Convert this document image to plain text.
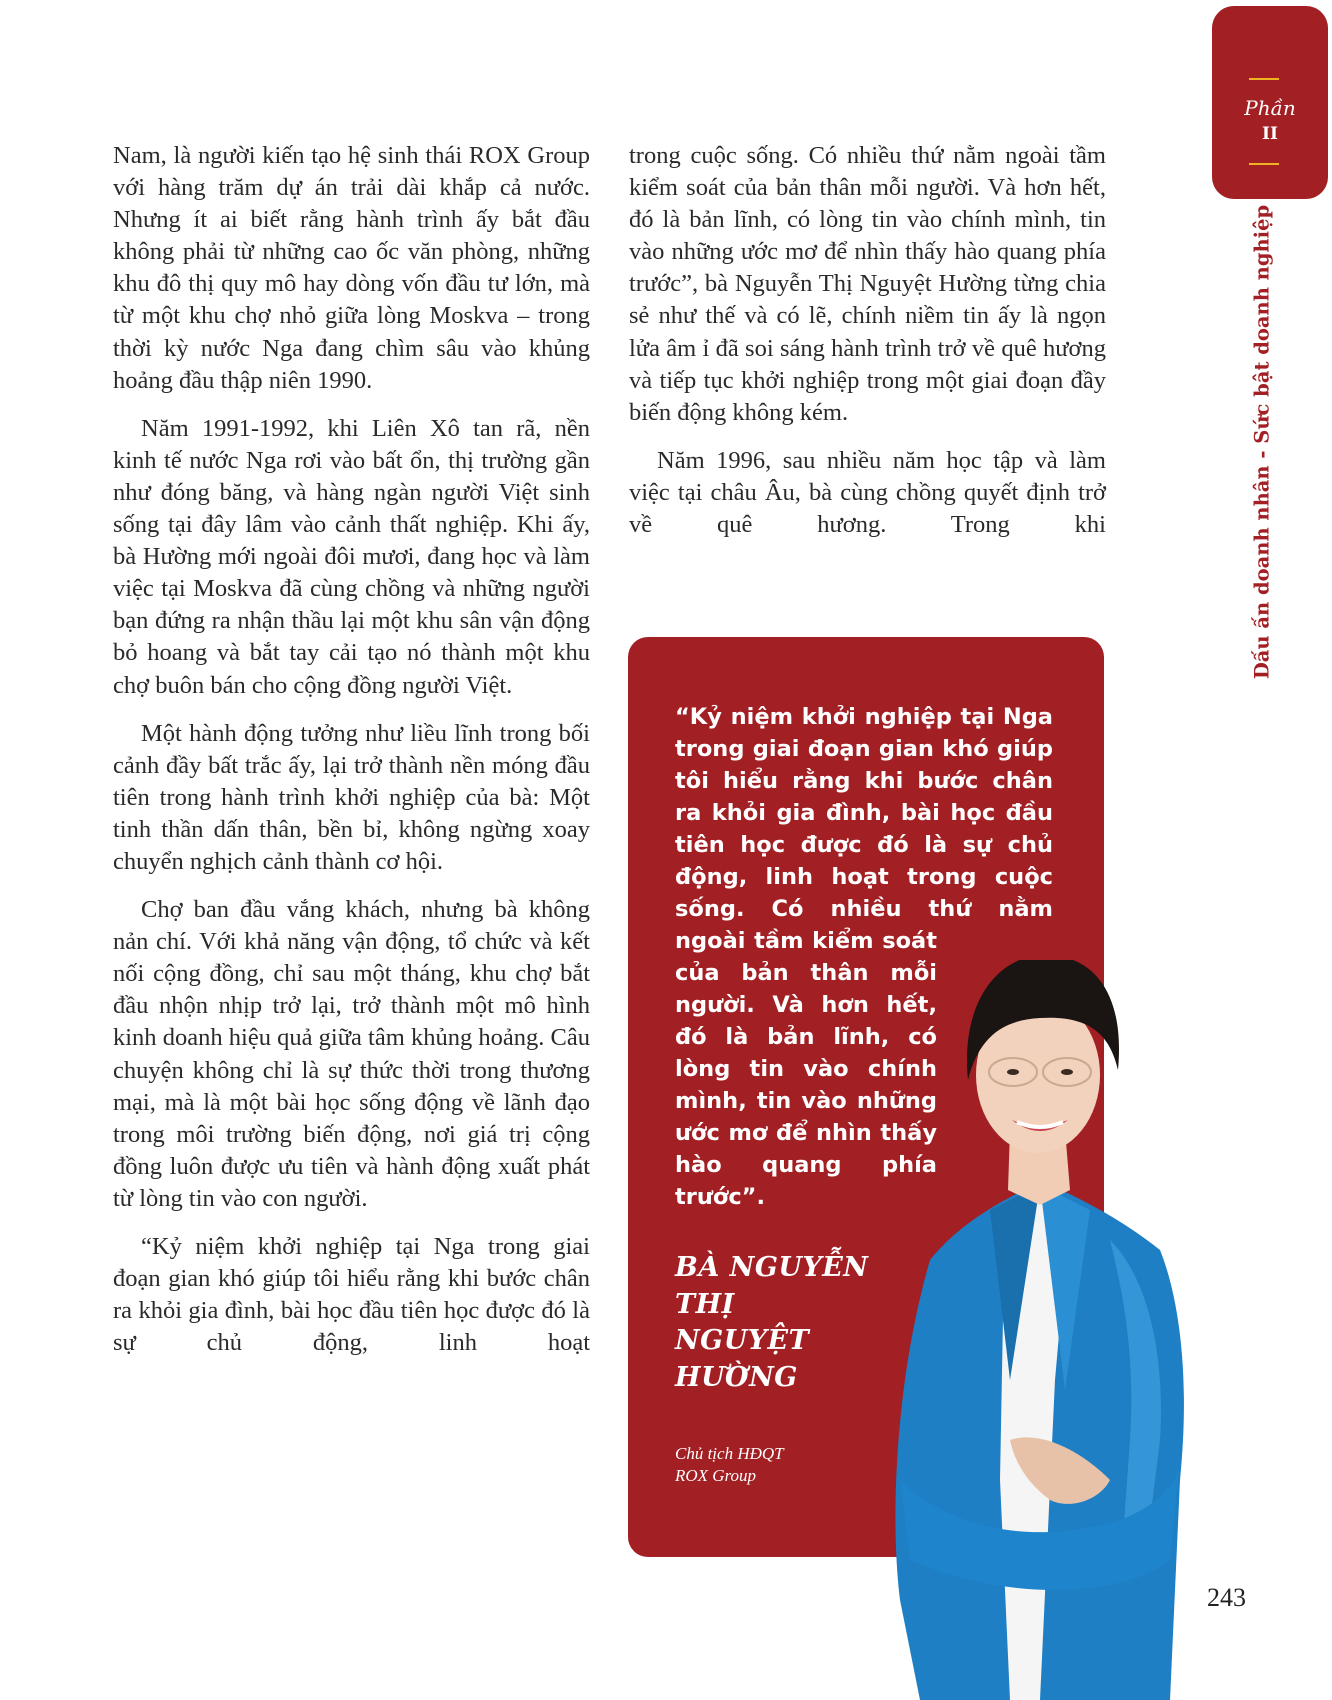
Nam, là người kiến tạo hệ sinh thái ROX Group với hàng trăm dự án trải dài khắp cả nước. Nhưng ít ai biết rằng hành trình ấy bắt đầu không phải từ những cao ốc văn phòng, những khu đô thị quy mô hay dòng vốn đầu tư lớn, mà từ một khu chợ nhỏ giữa lòng Moskva – trong thời kỳ nước Nga đang chìm sâu vào khủng hoảng đầu thập niên 1990.

Năm 1991-1992, khi Liên Xô tan rã, nền kinh tế nước Nga rơi vào bất ổn, thị trường gần như đóng băng, và hàng ngàn người Việt sinh sống tại đây lâm vào cảnh thất nghiệp. Khi ấy, bà Hường mới ngoài đôi mươi, đang học và làm việc tại Moskva đã cùng chồng và những người bạn đứng ra nhận thầu lại một khu sân vận động bỏ hoang và bắt tay cải tạo nó thành một khu chợ buôn bán cho cộng đồng người Việt.

Một hành động tưởng như liều lĩnh trong bối cảnh đầy bất trắc ấy, lại trở thành nền móng đầu tiên trong hành trình khởi nghiệp của bà: Một tinh thần dấn thân, bền bỉ, không ngừng xoay chuyển nghịch cảnh thành cơ hội.

Chợ ban đầu vắng khách, nhưng bà không nản chí. Với khả năng vận động, tổ chức và kết nối cộng đồng, chỉ sau một tháng, khu chợ bắt đầu nhộn nhịp trở lại, trở thành một mô hình kinh doanh hiệu quả giữa tâm khủng hoảng. Câu chuyện không chỉ là sự thức thời trong thương mại, mà là một bài học sống động về lãnh đạo trong môi trường biến động, nơi giá trị cộng đồng luôn được ưu tiên và hành động xuất phát từ lòng tin vào con người.

“Kỷ niệm khởi nghiệp tại Nga trong giai đoạn gian khó giúp tôi hiểu rằng khi bước chân ra khỏi gia đình, bài học đầu tiên học được đó là sự chủ động, linh hoạt

trong cuộc sống. Có nhiều thứ nằm ngoài tầm kiểm soát của bản thân mỗi người. Và hơn hết, đó là bản lĩnh, có lòng tin vào chính mình, tin vào những ước mơ để nhìn thấy hào quang phía trước”, bà Nguyễn Thị Nguyệt Hường từng chia sẻ như thế và có lẽ, chính niềm tin ấy là ngọn lửa âm ỉ đã soi sáng hành trình trở về quê hương và tiếp tục khởi nghiệp trong một giai đoạn đầy biến động không kém.

Năm 1996, sau nhiều năm học tập và làm việc tại châu Âu, bà cùng chồng quyết định trở về quê hương. Trong khi

“Kỷ niệm khởi nghiệp tại Nga trong giai đoạn gian khó giúp tôi hiểu rằng khi bước chân ra khỏi gia đình, bài học đầu tiên học được đó là sự chủ động, linh hoạt trong cuộc sống. Có nhiều thứ nằm
ngoài tầm kiểm soát của bản thân mỗi người. Và hơn hết, đó là bản lĩnh, có lòng tin vào chính mình, tin vào những ước mơ để nhìn thấy hào quang phía trước”.
BÀ NGUYỄN THỊ NGUYỆT HƯỜNG
Chủ tịch HĐQT
ROX Group
Phần
II
Dấu ấn doanh nhân - Sức bật doanh nghiệp
243
